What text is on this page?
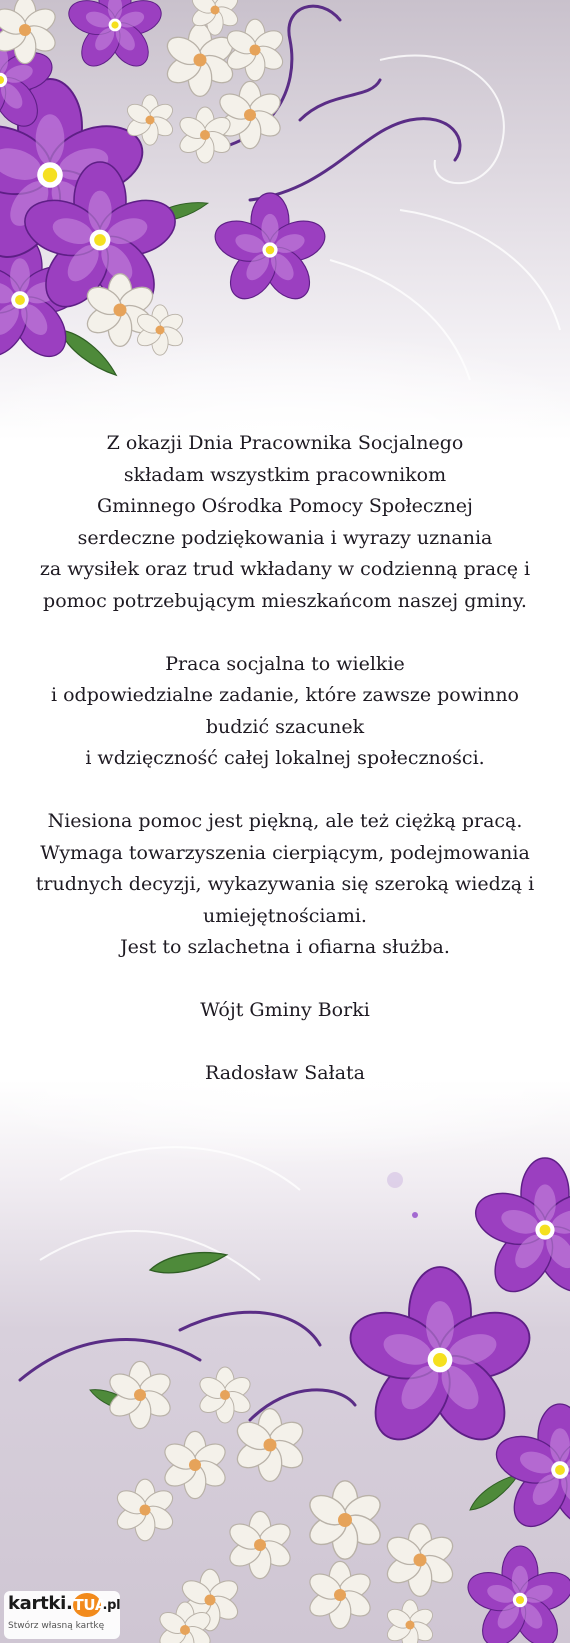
Z okazji Dnia Pracownika Socjalnego
składam wszystkim pracownikom
Gminnego Ośrodka Pomocy Społecznej
serdeczne podziękowania i wyrazy uznania
za wysiłek oraz trud wkładany w codzienną pracę i
pomoc potrzebującym mieszkańcom naszej gminy.
Praca socjalna to wielkie
i odpowiedzialne zadanie, które zawsze powinno
budzić szacunek
i wdzięczność całej lokalnej społeczności.
Niesiona pomoc jest piękną, ale też ciężką pracą.
Wymaga towarzyszenia cierpiącym, podejmowania
trudnych decyzji, wykazywania się szeroką wiedzą i
umiejętnościami.
Jest to szlachetna i ofiarna służba.
Wójt Gminy Borki
Radosław Sałata
kartki.TUA.pl
Stwórz własną kartkę
